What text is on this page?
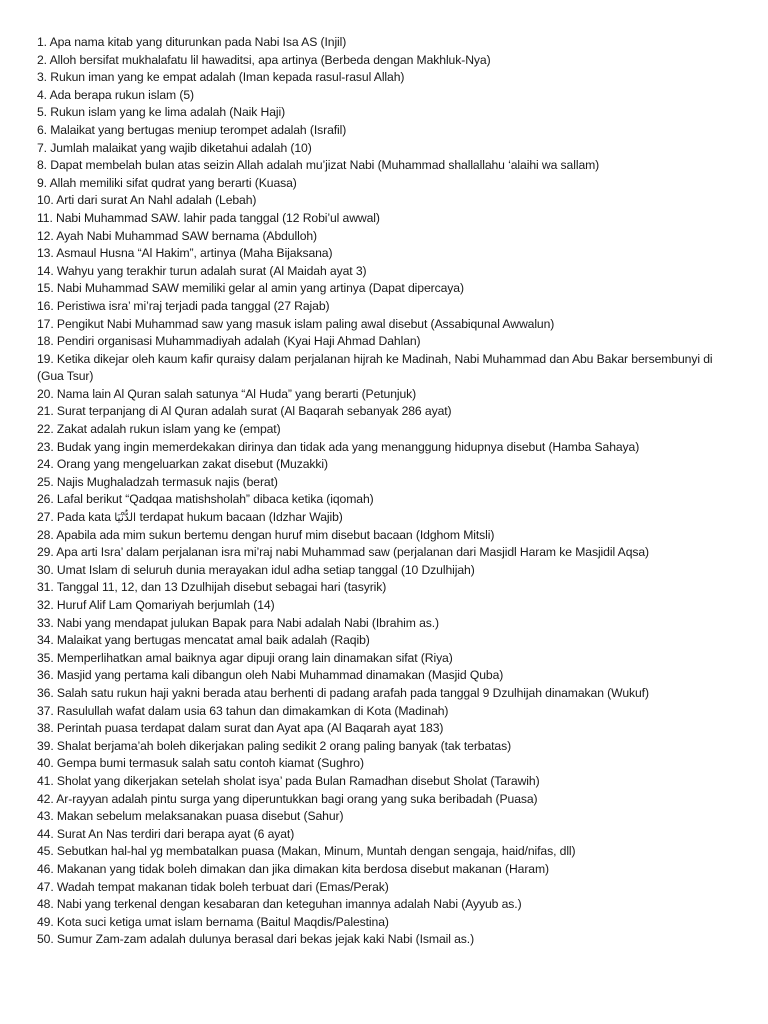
1. Apa nama kitab yang diturunkan pada Nabi Isa AS (Injil)
2. Alloh bersifat mukhalafatu lil hawaditsi, apa artinya (Berbeda dengan Makhluk-Nya)
3. Rukun iman yang ke empat adalah (Iman kepada rasul-rasul Allah)
4. Ada berapa rukun islam (5)
5. Rukun islam yang ke lima adalah (Naik Haji)
6. Malaikat yang bertugas meniup terompet adalah (Israfil)
7. Jumlah malaikat yang wajib diketahui adalah (10)
8. Dapat membelah bulan atas seizin Allah adalah mu’jizat Nabi (Muhammad shallallahu ‘alaihi wa sallam)
9. Allah memiliki sifat qudrat yang berarti (Kuasa)
10. Arti dari surat An Nahl adalah (Lebah)
11. Nabi Muhammad SAW. lahir pada tanggal (12 Robi’ul awwal)
12. Ayah Nabi Muhammad SAW bernama (Abdulloh)
13. Asmaul Husna “Al Hakim”, artinya (Maha Bijaksana)
14. Wahyu yang terakhir turun adalah surat (Al Maidah ayat 3)
15. Nabi Muhammad SAW memiliki gelar al amin yang artinya (Dapat dipercaya)
16. Peristiwa isra’ mi’raj terjadi pada tanggal (27 Rajab)
17. Pengikut Nabi Muhammad saw yang masuk islam paling awal disebut (Assabiqunal Awwalun)
18. Pendiri organisasi Muhammadiyah adalah (Kyai Haji Ahmad Dahlan)
19. Ketika dikejar oleh kaum kafir quraisy dalam perjalanan hijrah ke Madinah, Nabi Muhammad dan Abu Bakar bersembunyi di (Gua Tsur)
20. Nama lain Al Quran salah satunya “Al Huda” yang berarti (Petunjuk)
21. Surat terpanjang di Al Quran adalah surat (Al Baqarah sebanyak 286 ayat)
22. Zakat adalah rukun islam yang ke (empat)
23. Budak yang ingin memerdekakan dirinya dan tidak ada yang menanggung hidupnya disebut (Hamba Sahaya)
24. Orang yang mengeluarkan zakat disebut (Muzakki)
25. Najis Mughaladzah termasuk najis (berat)
26. Lafal berikut “Qadqaa matishsholah” dibaca ketika (iqomah)
27. Pada kata الدُّنْيَا terdapat hukum bacaan (Idzhar Wajib)
28. Apabila ada mim sukun bertemu dengan huruf mim disebut bacaan (Idghom Mitsli)
29. Apa arti Isra’ dalam perjalanan isra mi’raj nabi Muhammad saw (perjalanan dari Masjidl Haram ke Masjidil Aqsa)
30. Umat Islam di seluruh dunia merayakan idul adha setiap tanggal (10 Dzulhijah)
31. Tanggal 11, 12, dan 13 Dzulhijah disebut sebagai hari (tasyrik)
32. Huruf Alif Lam Qomariyah berjumlah (14)
33. Nabi yang mendapat julukan Bapak para Nabi adalah Nabi (Ibrahim as.)
34. Malaikat yang bertugas mencatat amal baik adalah (Raqib)
35. Memperlihatkan amal baiknya agar dipuji orang lain dinamakan sifat (Riya)
36. Masjid yang pertama kali dibangun oleh Nabi Muhammad dinamakan (Masjid Quba)
36. Salah satu rukun haji yakni berada atau berhenti di padang arafah pada tanggal 9 Dzulhijah dinamakan (Wukuf)
37. Rasulullah wafat dalam usia 63 tahun dan dimakamkan di Kota (Madinah)
38. Perintah puasa terdapat dalam surat dan Ayat apa (Al Baqarah ayat 183)
39. Shalat berjama’ah boleh dikerjakan paling sedikit 2 orang paling banyak (tak terbatas)
40. Gempa bumi termasuk salah satu contoh kiamat (Sughro)
41. Sholat yang dikerjakan setelah sholat isya’ pada Bulan Ramadhan disebut Sholat (Tarawih)
42. Ar-rayyan adalah pintu surga yang diperuntukkan bagi orang yang suka beribadah (Puasa)
43. Makan sebelum melaksanakan puasa disebut (Sahur)
44. Surat An Nas terdiri dari berapa ayat (6 ayat)
45. Sebutkan hal-hal yg membatalkan puasa (Makan, Minum, Muntah dengan sengaja, haid/nifas, dll)
46. Makanan yang tidak boleh dimakan dan jika dimakan kita berdosa disebut makanan (Haram)
47. Wadah tempat makanan tidak boleh terbuat dari (Emas/Perak)
48. Nabi yang terkenal dengan kesabaran dan keteguhan imannya adalah Nabi (Ayyub as.)
49. Kota suci ketiga umat islam bernama (Baitul Maqdis/Palestina)
50. Sumur Zam-zam adalah dulunya berasal dari bekas jejak kaki Nabi (Ismail as.)
